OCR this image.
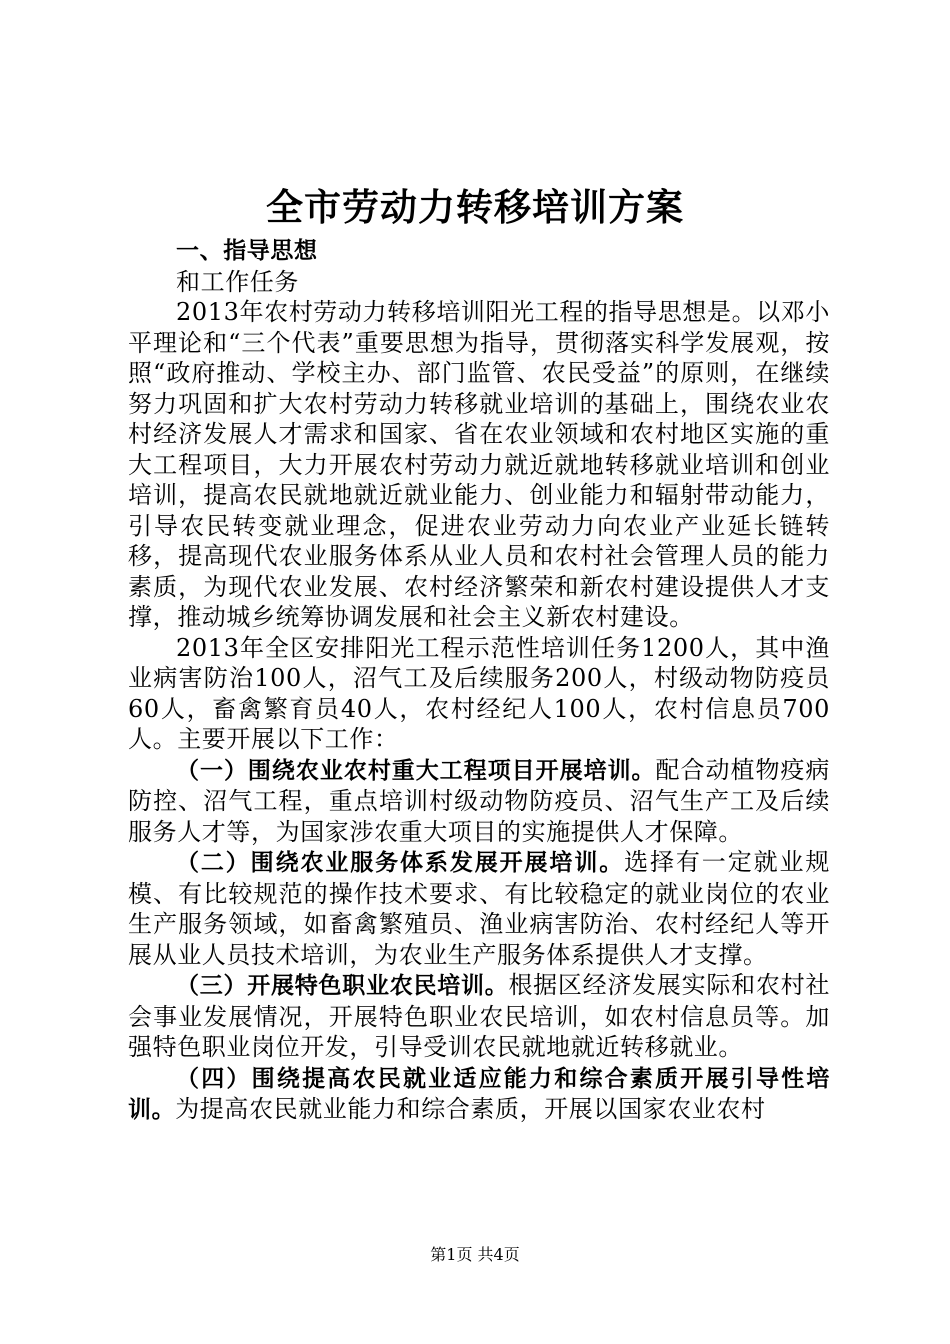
全市劳动力转移培训方案

一、指导思想

和工作任务

2013年农村劳动力转移培训阳光工程的指导思想是。以邓小平理论和“三个代表”重要思想为指导，贯彻落实科学发展观，按照“政府推动、学校主办、部门监管、农民受益”的原则，在继续努力巩固和扩大农村劳动力转移就业培训的基础上，围绕农业农村经济发展人才需求和国家、省在农业领域和农村地区实施的重大工程项目，大力开展农村劳动力就近就地转移就业培训和创业培训，提高农民就地就近就业能力、创业能力和辐射带动能力，引导农民转变就业理念，促进农业劳动力向农业产业延长链转移，提高现代农业服务体系从业人员和农村社会管理人员的能力素质，为现代农业发展、农村经济繁荣和新农村建设提供人才支撑，推动城乡统筹协调发展和社会主义新农村建设。

2013年全区安排阳光工程示范性培训任务1200人，其中渔业病害防治100人，沼气工及后续服务200人，村级动物防疫员60人，畜禽繁育员40人，农村经纪人100人，农村信息员700人。主要开展以下工作：

（一）围绕农业农村重大工程项目开展培训。配合动植物疫病防控、沼气工程，重点培训村级动物防疫员、沼气生产工及后续服务人才等，为国家涉农重大项目的实施提供人才保障。

（二）围绕农业服务体系发展开展培训。选择有一定就业规模、有比较规范的操作技术要求、有比较稳定的就业岗位的农业生产服务领域，如畜禽繁殖员、渔业病害防治、农村经纪人等开展从业人员技术培训，为农业生产服务体系提供人才支撑。

（三）开展特色职业农民培训。根据区经济发展实际和农村社会事业发展情况，开展特色职业农民培训，如农村信息员等。加强特色职业岗位开发，引导受训农民就地就近转移就业。

（四）围绕提高农民就业适应能力和综合素质开展引导性培训。为提高农民就业能力和综合素质，开展以国家农业农村

第1页 共4页
